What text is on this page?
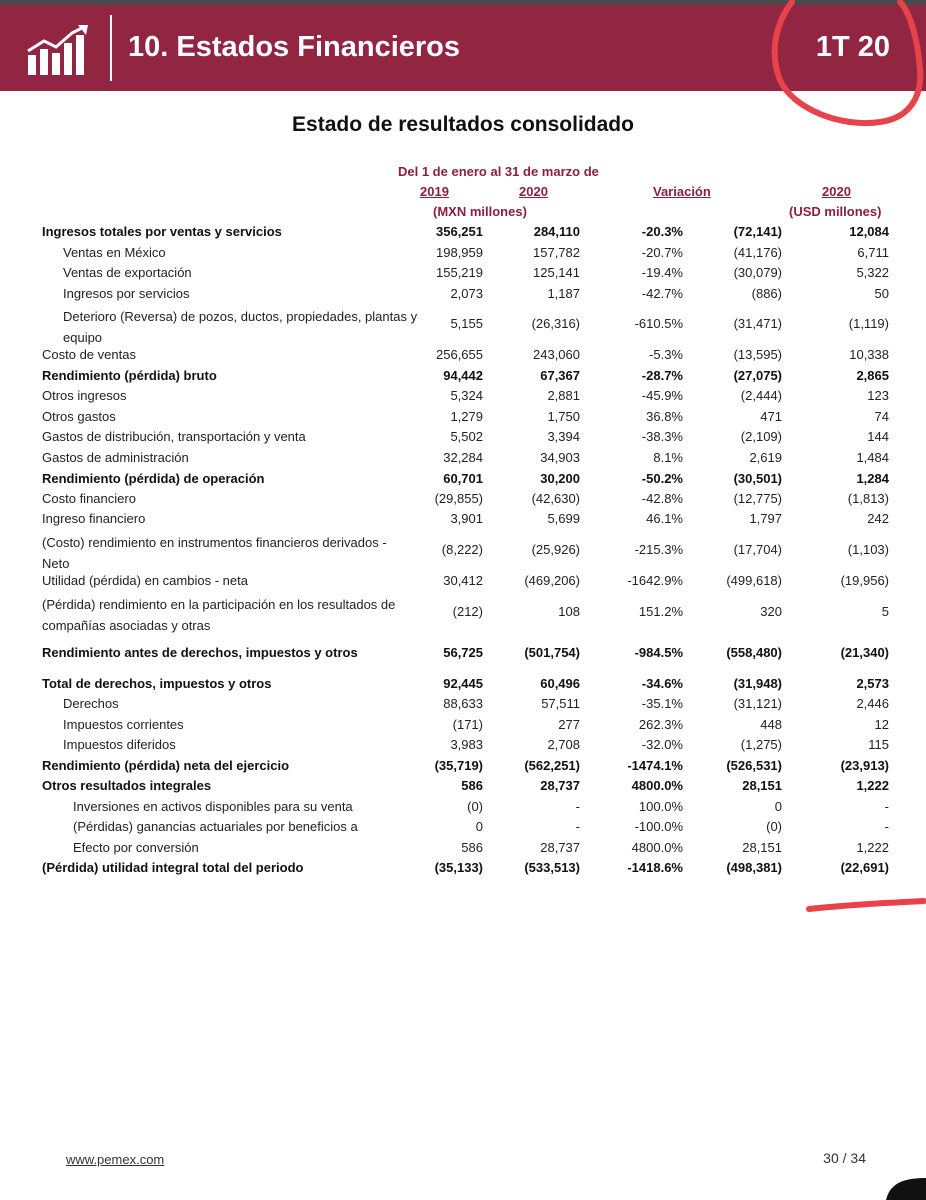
10. Estados Financieros	1T 20
Estado de resultados consolidado
Del 1 de enero al 31 de marzo de
2019	2020	Variación	2020
(MXN millones)	(USD millones)
Ingresos totales por ventas y servicios	356,251	284,110	-20.3%	(72,141)	12,084
Ventas en México	198,959	157,782	-20.7%	(41,176)	6,711
Ventas de exportación	155,219	125,141	-19.4%	(30,079)	5,322
Ingresos por servicios	2,073	1,187	-42.7%	(886)	50
Deterioro (Reversa) de pozos, ductos, propiedades, plantas y equipo
5,155	(26,316)	-610.5%	(31,471)	(1,119)
Costo de ventas	256,655	243,060	-5.3%	(13,595)	10,338
Rendimiento (pérdida) bruto	94,442	67,367	-28.7%	(27,075)	2,865
Otros ingresos	5,324	2,881	-45.9%	(2,444)	123
Otros gastos	1,279	1,750	36.8%	471	74
Gastos de distribución, transportación y venta	5,502	3,394	-38.3%	(2,109)	144
Gastos de administración	32,284	34,903	8.1%	2,619	1,484
Rendimiento (pérdida) de operación	60,701	30,200	-50.2%	(30,501)	1,284
Costo financiero	(29,855)	(42,630)	-42.8%	(12,775)	(1,813)
Ingreso financiero	3,901	5,699	46.1%	1,797	242
(Costo) rendimiento en instrumentos financieros derivados - Neto
(8,222)	(25,926)	-215.3%	(17,704)	(1,103)
Utilidad (pérdida) en cambios - neta	30,412	(469,206)	-1642.9%	(499,618)	(19,956)
(Pérdida) rendimiento en la participación en los resultados de compañías asociadas y otras
(212)	108	151.2%	320	5
Rendimiento antes de derechos, impuestos y otros	56,725	(501,754)	-984.5%	(558,480)	(21,340)
Total de derechos, impuestos y otros	92,445	60,496	-34.6%	(31,948)	2,573
Derechos	88,633	57,511	-35.1%	(31,121)	2,446
Impuestos corrientes	(171)	277	262.3%	448	12
Impuestos diferidos	3,983	2,708	-32.0%	(1,275)	115
Rendimiento (pérdida) neta del ejercicio	(35,719)	(562,251)	-1474.1%	(526,531)	(23,913)
Otros resultados integrales	586	28,737	4800.0%	28,151	1,222
Inversiones en activos disponibles para su venta	(0)	-	100.0%	0	-
(Pérdidas) ganancias actuariales por beneficios a	0	-	-100.0%	(0)	-
Efecto por conversión	586	28,737	4800.0%	28,151	1,222
(Pérdida) utilidad integral total del periodo	(35,133)	(533,513)	-1418.6%	(498,381)	(22,691)
www.pemex.com	30 / 34
